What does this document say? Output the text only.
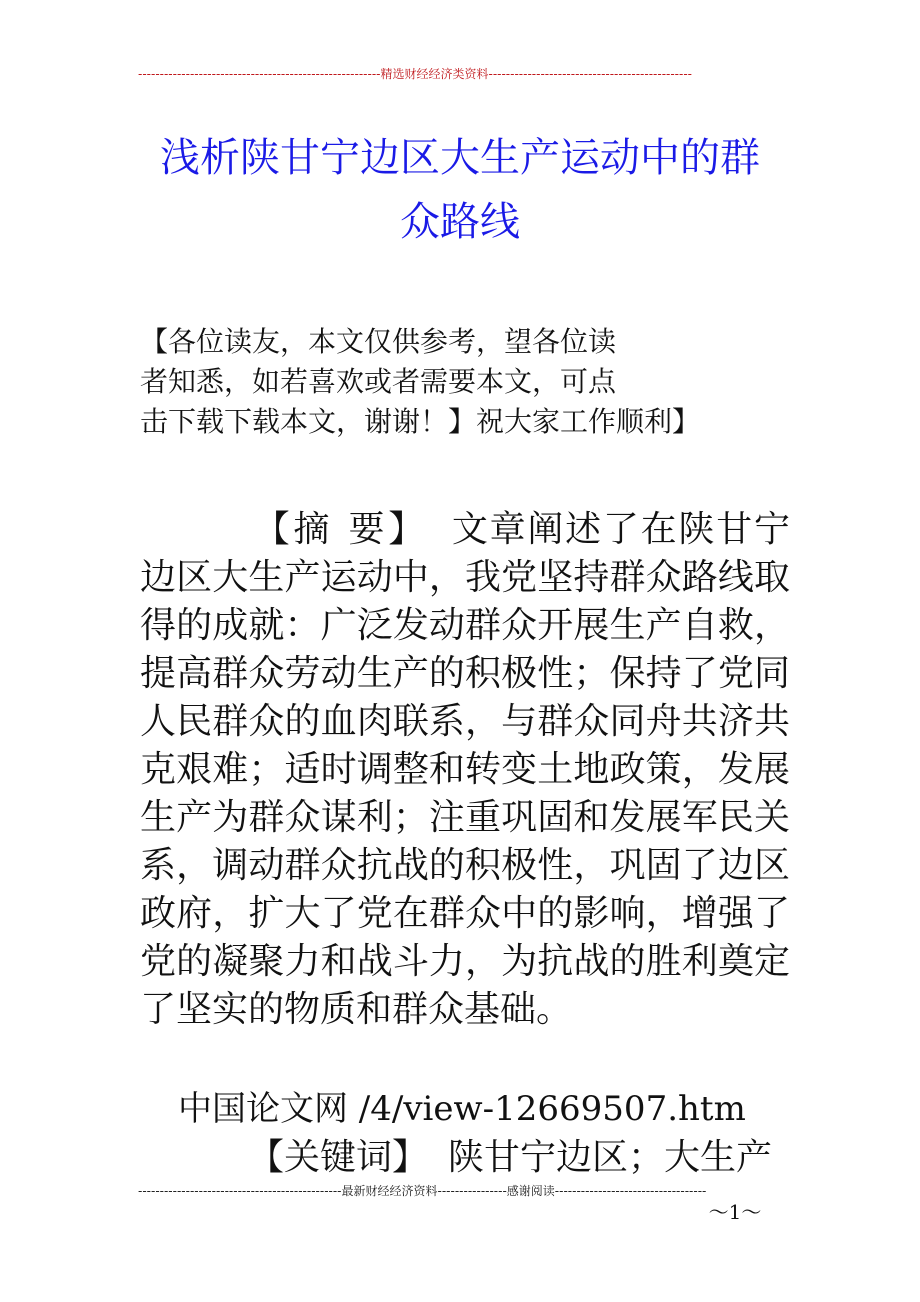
--------------------------------------------------------精选财经经济类资料-----------------------------------------------
浅析陕甘宁边区大生产运动中的群
众路线
【各位读友，本文仅供参考，望各位读
者知悉，如若喜欢或者需要本文，可点
击下载下载本文，谢谢！】祝大家工作顺利】
【摘 要】 文章阐述了在陕甘宁边区大生产运动中，我党坚持群众路线取得的成就：广泛发动群众开展生产自救，提高群众劳动生产的积极性；保持了党同人民群众的血肉联系，与群众同舟共济共克艰难；适时调整和转变土地政策，发展生产为群众谋利；注重巩固和发展军民关系，调动群众抗战的积极性，巩固了边区政府，扩大了党在群众中的影响，增强了党的凝聚力和战斗力，为抗战的胜利奠定了坚实的物质和群众基础。
中国论文网 /4/view-12669507.htm
【关键词】 陕甘宁边区；大生产
-----------------------------------------------最新财经经济资料----------------感谢阅读-----------------------------------
～1～
